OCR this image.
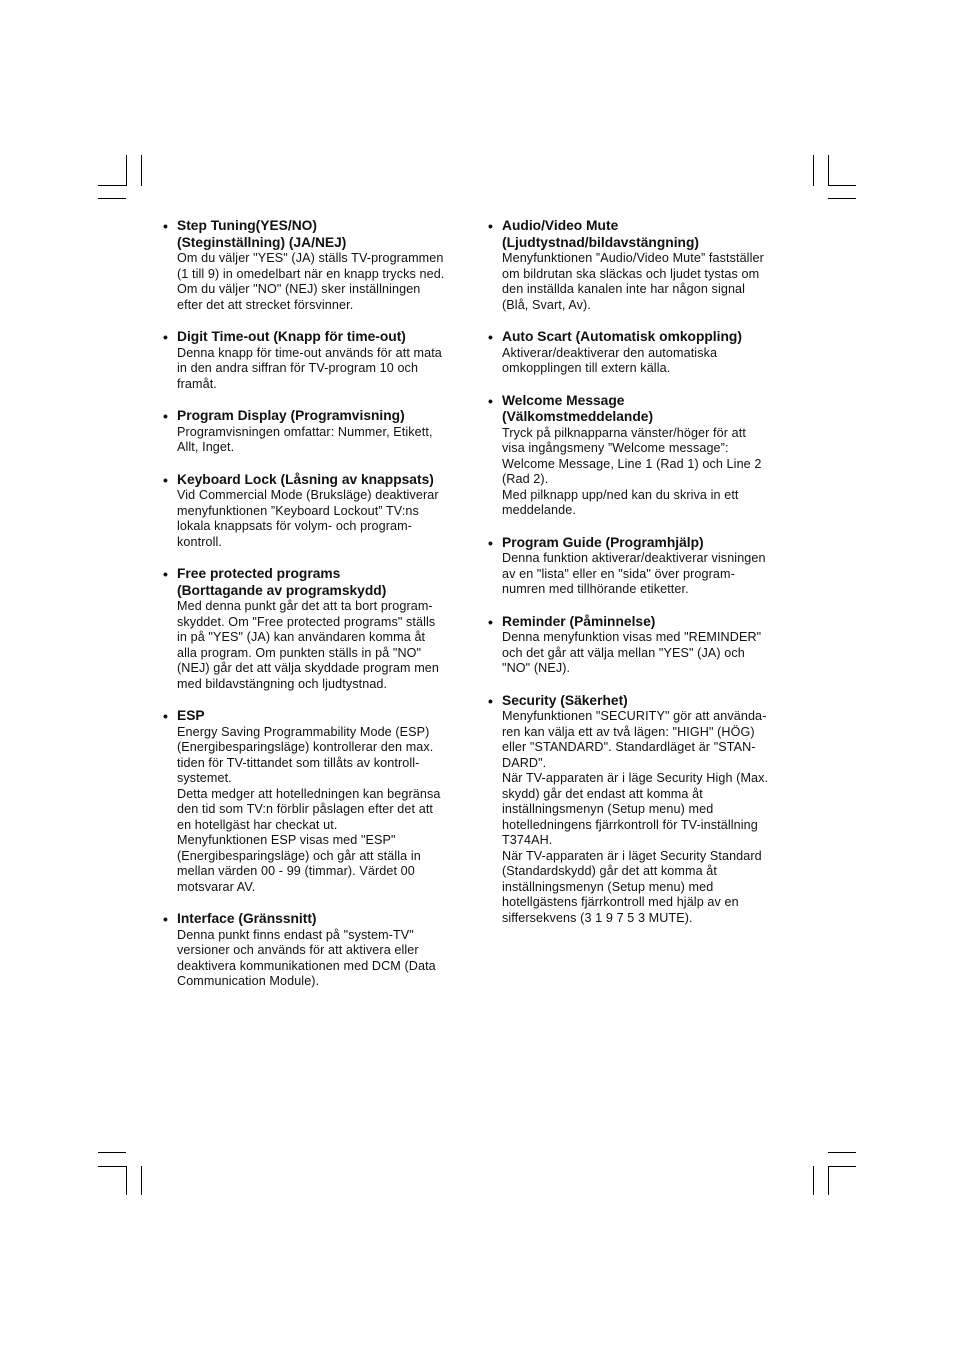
• Step Tuning(YES/NO)
(Steginställning) (JA/NEJ)
Om du väljer "YES" (JA) ställs TV-programmen
(1 till 9) in omedelbart när en knapp trycks ned.
Om du väljer "NO" (NEJ) sker inställningen
efter det att strecket försvinner.
• Digit Time-out (Knapp för time-out)
Denna knapp för time-out används för att mata
in den andra siffran för TV-program 10 och
framåt.
• Program Display (Programvisning)
Programvisningen omfattar: Nummer, Etikett,
Allt, Inget.
• Keyboard Lock (Låsning av knappsats)
Vid Commercial Mode (Bruksläge) deaktiverar
menyfunktionen ”Keyboard Lockout” TV:ns
lokala knappsats för volym- och program-
kontroll.
• Free protected programs
(Borttagande av programskydd)
Med denna punkt går det att ta bort program-
skyddet. Om "Free protected programs" ställs
in på "YES" (JA) kan användaren komma åt
alla program. Om punkten ställs in på "NO"
(NEJ) går det att välja skyddade program men
med bildavstängning och ljudtystnad.
• ESP
Energy Saving Programmability Mode (ESP)
(Energibesparingsläge) kontrollerar den max.
tiden för TV-tittandet som tillåts av kontroll-
systemet.
Detta medger att hotelledningen kan begränsa
den tid som TV:n förblir påslagen efter det att
en hotellgäst har checkat ut.
Menyfunktionen ESP visas med "ESP"
(Energibesparingsläge) och går att ställa in
mellan värden 00 - 99 (timmar). Värdet 00
motsvarar AV.
• Interface (Gränssnitt)
Denna punkt finns endast på "system-TV"
versioner och används för att aktivera eller
deaktivera kommunikationen med DCM (Data
Communication Module).
• Audio/Video Mute
(Ljudtystnad/bildavstängning)
Menyfunktionen ”Audio/Video Mute” fastställer
om bildrutan ska släckas och ljudet tystas om
den inställda kanalen inte har någon signal
(Blå, Svart, Av).
• Auto Scart (Automatisk omkoppling)
Aktiverar/deaktiverar den automatiska
omkopplingen till extern källa.
• Welcome Message
(Välkomstmeddelande)
Tryck på pilknapparna vänster/höger för att
visa ingångsmeny ”Welcome message”:
Welcome Message, Line 1 (Rad 1) och Line 2
(Rad 2).
Med pilknapp upp/ned kan du skriva in ett
meddelande.
• Program Guide (Programhjälp)
Denna funktion aktiverar/deaktiverar visningen
av en "lista" eller en "sida" över program-
numren med tillhörande etiketter.
• Reminder (Påminnelse)
Denna menyfunktion visas med "REMINDER"
och det går att välja mellan "YES" (JA) och
"NO" (NEJ).
• Security (Säkerhet)
Menyfunktionen "SECURITY" gör att använda-
ren kan välja ett av två lägen: "HIGH" (HÖG)
eller "STANDARD". Standardläget är "STAN-
DARD".
När TV-apparaten är i läge Security High (Max.
skydd) går det endast att komma åt
inställningsmenyn (Setup menu) med
hotelledningens fjärrkontroll för TV-inställning
T374AH.
När TV-apparaten är i läget Security Standard
(Standardskydd) går det att komma åt
inställningsmenyn (Setup menu) med
hotellgästens fjärrkontroll med hjälp av en
siffersekvens (3 1 9 7 5 3 MUTE).
